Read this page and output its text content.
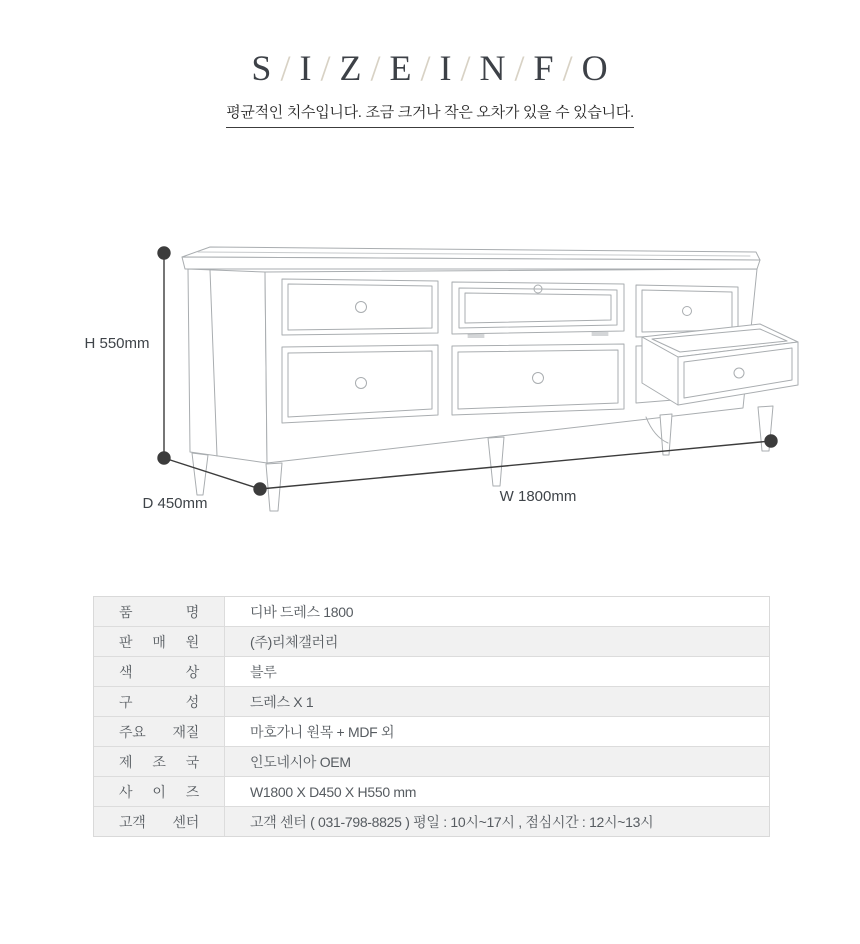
S / I / Z / E / I / N / F / O
평균적인 치수입니다. 조금 크거나 작은 오차가 있을 수 있습니다.
H 550mm
D 450mm	W 1800mm
품 명	디바 드레스 1800
판 매 원	(주)리체갤러리
색 상	블루
구 성	드레스 X 1
주요 재질	마호가니 원목 + MDF 외
제 조 국	인도네시아 OEM
사 이 즈	W1800 X D450 X H550 mm
고객 센터	고객 센터 ( 031-798-8825 ) 평일 : 10시~17시 , 점심시간 : 12시~13시
